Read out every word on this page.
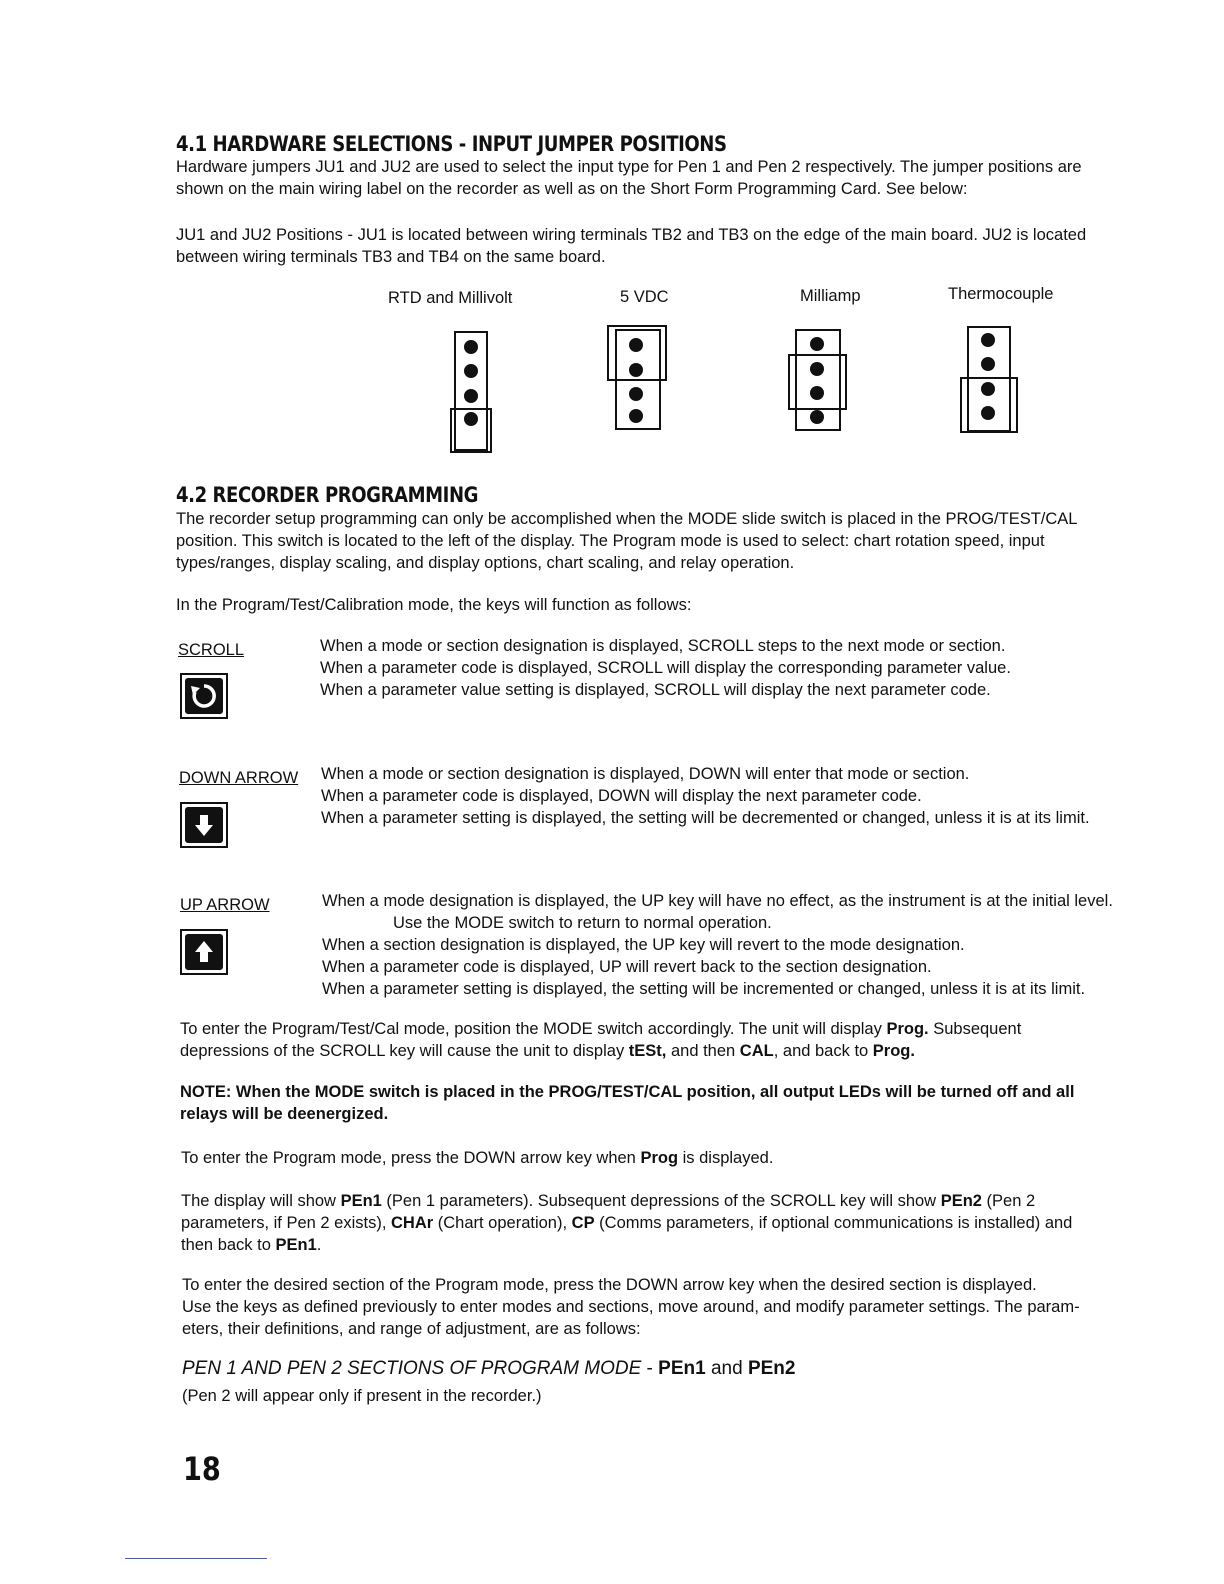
4.1 HARDWARE SELECTIONS - INPUT JUMPER POSITIONS
Hardware jumpers JU1 and JU2 are used to select the input type for Pen 1 and Pen 2 respectively. The jumper positions are
shown on the main wiring label on the recorder as well as on the Short Form Programming Card. See below:
JU1 and JU2 Positions - JU1 is located between wiring terminals TB2 and TB3 on the edge of the main board. JU2 is located
between wiring terminals TB3 and TB4 on the same board.
RTD and Millivolt	5 VDC	Milliamp	Thermocouple
4.2 RECORDER PROGRAMMING
The recorder setup programming can only be accomplished when the MODE slide switch is placed in the PROG/TEST/CAL
position. This switch is located to the left of the display. The Program mode is used to select: chart rotation speed, input
types/ranges, display scaling, and display options, chart scaling, and relay operation.
In the Program/Test/Calibration mode, the keys will function as follows:
SCROLL	When a mode or section designation is displayed, SCROLL steps to the next mode or section.
When a parameter code is displayed, SCROLL will display the corresponding parameter value.
When a parameter value setting is displayed, SCROLL will display the next parameter code.
DOWN ARROW When a mode or section designation is displayed, DOWN will enter that mode or section.
When a parameter code is displayed, DOWN will display the next parameter code.
When a parameter setting is displayed, the setting will be decremented or changed, unless it is at its limit.
UP ARROW	When a mode designation is displayed, the UP key will have no effect, as the instrument is at the initial level.
Use the MODE switch to return to normal operation.
When a section designation is displayed, the UP key will revert to the mode designation.
When a parameter code is displayed, UP will revert back to the section designation.
When a parameter setting is displayed, the setting will be incremented or changed, unless it is at its limit.
To enter the Program/Test/Cal mode, position the MODE switch accordingly. The unit will display Prog. Subsequent
depressions of the SCROLL key will cause the unit to display tESt, and then CAL, and back to Prog.
NOTE: When the MODE switch is placed in the PROG/TEST/CAL position, all output LEDs will be turned off and all
relays will be deenergized.
To enter the Program mode, press the DOWN arrow key when Prog is displayed.
The display will show PEn1 (Pen 1 parameters). Subsequent depressions of the SCROLL key will show PEn2 (Pen 2
parameters, if Pen 2 exists), CHAr (Chart operation), CP (Comms parameters, if optional communications is installed) and
then back to PEn1.
To enter the desired section of the Program mode, press the DOWN arrow key when the desired section is displayed.
Use the keys as defined previously to enter modes and sections, move around, and modify parameter settings. The param-
eters, their definitions, and range of adjustment, are as follows:
PEN 1 AND PEN 2 SECTIONS OF PROGRAM MODE - PEn1 and PEn2
(Pen 2 will appear only if present in the recorder.)
18
